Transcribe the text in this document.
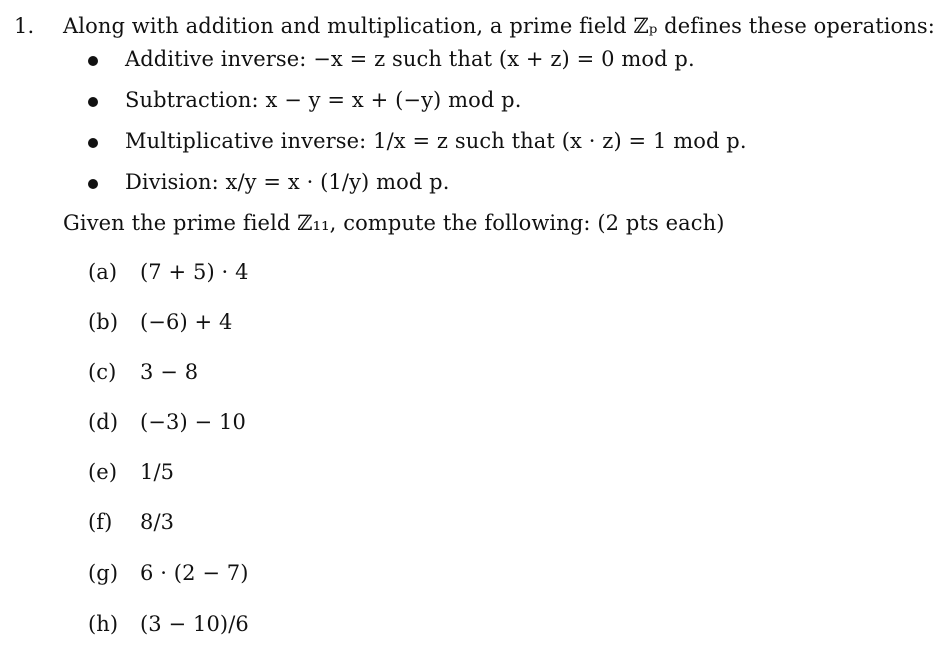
1. Along with addition and multiplication, a prime field ℤₚ defines these operations:
Additive inverse: −x = z such that (x + z) = 0 mod p.
Subtraction: x − y = x + (−y) mod p.
Multiplicative inverse: 1/x = z such that (x · z) = 1 mod p.
Division: x/y = x · (1/y) mod p.
Given the prime field ℤ₁₁, compute the following: (2 pts each)
(a) (7 + 5) · 4
(b) (−6) + 4
(c) 3 − 8
(d) (−3) − 10
(e) 1/5
(f) 8/3
(g) 6 · (2 − 7)
(h) (3 − 10)/6
